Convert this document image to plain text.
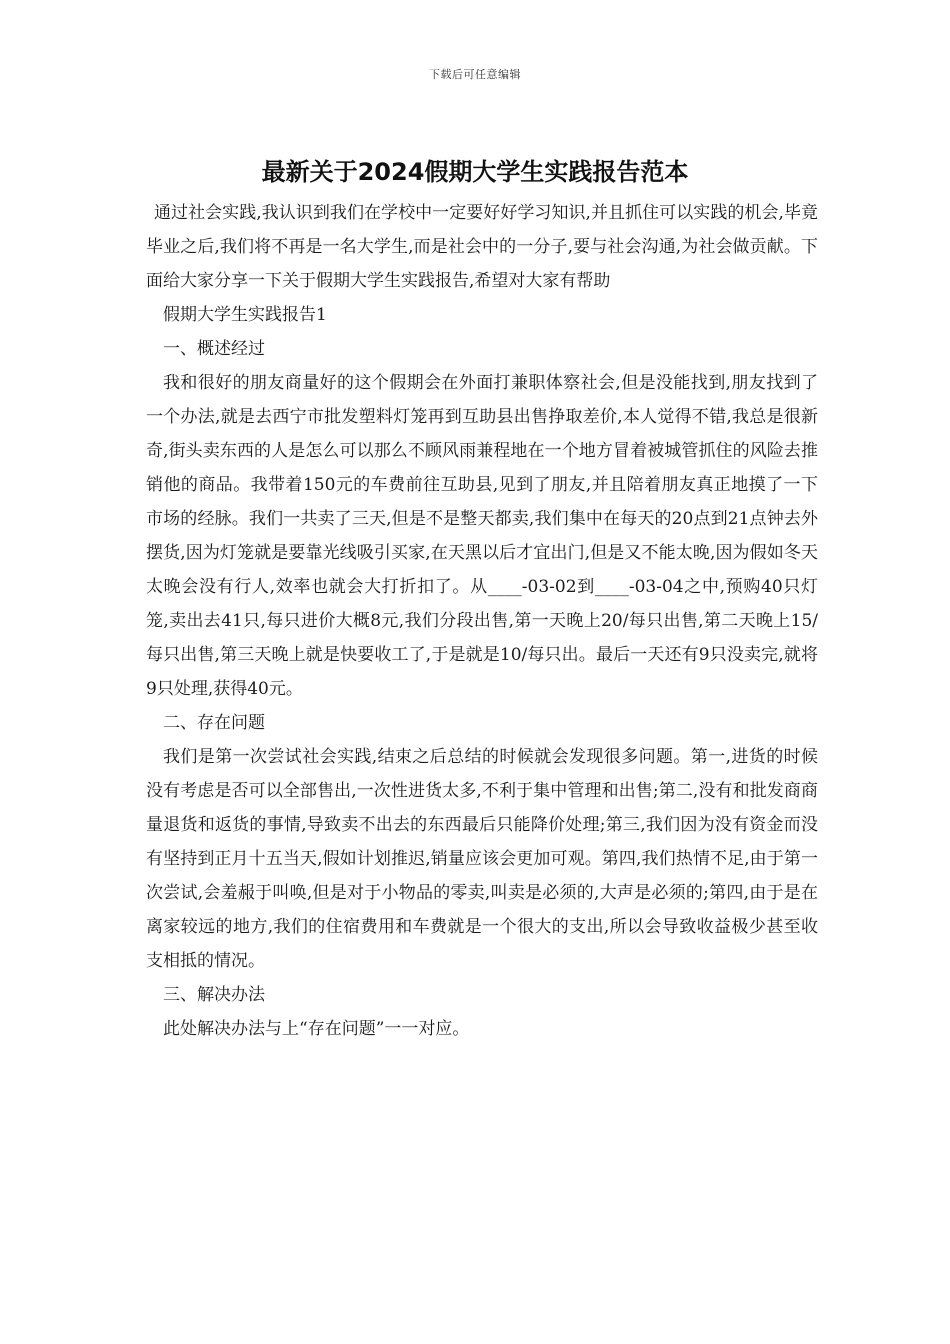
下载后可任意编辑
最新关于2024假期大学生实践报告范本

通过社会实践,我认识到我们在学校中一定要好好学习知识,并且抓住可以实践的机会,毕竟毕业之后,我们将不再是一名大学生,而是社会中的一分子,要与社会沟通,为社会做贡献。下面给大家分享一下关于假期大学生实践报告,希望对大家有帮助

假期大学生实践报告1

一、概述经过

我和很好的朋友商量好的这个假期会在外面打兼职体察社会,但是没能找到,朋友找到了一个办法,就是去西宁市批发塑料灯笼再到互助县出售挣取差价,本人觉得不错,我总是很新奇,街头卖东西的人是怎么可以那么不顾风雨兼程地在一个地方冒着被城管抓住的风险去推销他的商品。我带着150元的车费前往互助县,见到了朋友,并且陪着朋友真正地摸了一下市场的经脉。我们一共卖了三天,但是不是整天都卖,我们集中在每天的20点到21点钟去外摆货,因为灯笼就是要靠光线吸引买家,在天黑以后才宜出门,但是又不能太晚,因为假如冬天太晚会没有行人,效率也就会大打折扣了。从____-03-02到____-03-04之中,预购40只灯笼,卖出去41只,每只进价大概8元,我们分段出售,第一天晚上20/每只出售,第二天晚上15/每只出售,第三天晚上就是快要收工了,于是就是10/每只出。最后一天还有9只没卖完,就将9只处理,获得40元。

二、存在问题

我们是第一次尝试社会实践,结束之后总结的时候就会发现很多问题。第一,进货的时候没有考虑是否可以全部售出,一次性进货太多,不利于集中管理和出售;第二,没有和批发商商量退货和返货的事情,导致卖不出去的东西最后只能降价处理;第三,我们因为没有资金而没有坚持到正月十五当天,假如计划推迟,销量应该会更加可观。第四,我们热情不足,由于第一次尝试,会羞赧于叫唤,但是对于小物品的零卖,叫卖是必须的,大声是必须的;第四,由于是在离家较远的地方,我们的住宿费用和车费就是一个很大的支出,所以会导致收益极少甚至收支相抵的情况。

三、解决办法

此处解决办法与上“存在问题”一一对应。
